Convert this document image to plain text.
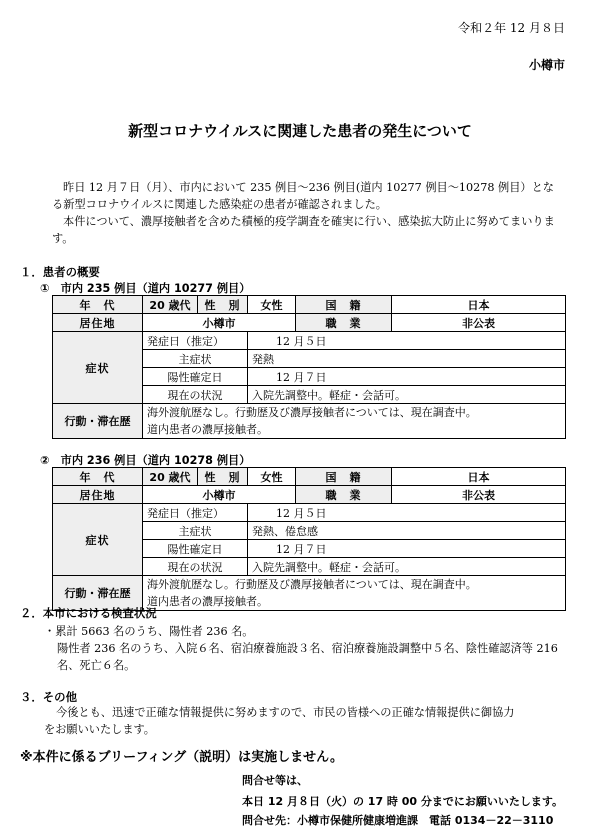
令和２年 12 月８日
小樽市
新型コロナウイルスに関連した患者の発生について
昨日 12 月７日（月）、市内において 235 例目～236 例目(道内 10277 例目～10278 例目）となる新型コロナウイルスに関連した感染症の患者が確認されました。
本件について、濃厚接触者を含めた積極的疫学調査を確実に行い、感染拡大防止に努めてまいります。
１．患者の概要
①　市内 235 例目（道内 10277 例目）
年　代	20 歳代	性　別	女性	国　籍	日本
居住地	小樽市			職　業	非公表
症状	発症日（推定）		12 月５日		
	主症状		発熱		
	陽性確定日		12 月７日		
	現在の状況		入院先調整中。軽症・会話可。		
行動・滞在歴	海外渡航歴なし。行動歴及び濃厚接触者については、現在調査中。
道内患者の濃厚接触者。				
②　市内 236 例目（道内 10278 例目）
年　代	20 歳代	性　別	女性	国　籍	日本
居住地	小樽市			職　業	非公表
症状	発症日（推定）		12 月５日		
	主症状		発熱、倦怠感		
	陽性確定日		12 月７日		
	現在の状況		入院先調整中。軽症・会話可。		
行動・滞在歴	海外渡航歴なし。行動歴及び濃厚接触者については、現在調査中。
道内患者の濃厚接触者。				
２．本市における検査状況
・累計 5663 名のうち、陽性者 236 名。
陽性者 236 名のうち、入院６名、宿泊療養施設３名、宿泊療養施設調整中５名、陰性確認済等 216 名、死亡６名。
３．その他
今後とも、迅速で正確な情報提供に努めますので、市民の皆様への正確な情報提供に御協力をお願いいたします。
※本件に係るブリーフィング（説明）は実施しません。
問合せ等は、
本日 12 月８日（火）の 17 時 00 分までにお願いいたします。
問合せ先：小樽市保健所健康増進課　電話 0134－22－3110
